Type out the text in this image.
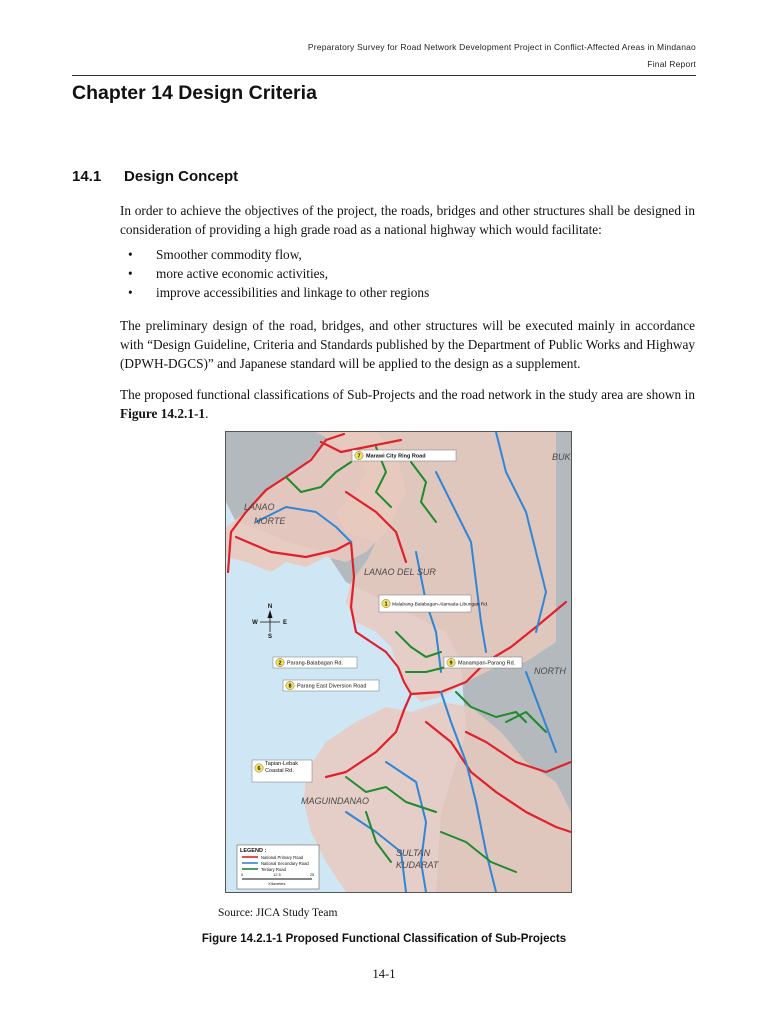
Preparatory Survey for Road Network Development Project in Conflict-Affected Areas in Mindanao
Final Report
Chapter 14 Design Criteria
14.1 Design Concept

In order to achieve the objectives of the project, the roads, bridges and other structures shall be designed in consideration of providing a high grade road as a national highway which would facilitate:

• Smoother commodity flow,
• more active economic activities,
• improve accessibilities and linkage to other regions

The preliminary design of the road, bridges, and other structures will be executed mainly in accordance with “Design Guideline, Criteria and Standards published by the Department of Public Works and Highway (DPWH-DGCS)” and Japanese standard will be applied to the design as a supplement.

The proposed functional classifications of Sub-Projects and the road network in the study area are shown in Figure 14.2.1-1.

LANAO
NORTE
LANAO DEL SUR
MAGUINDANAO
SULTAN
KUDARAT
NORTH
BUK
7 Marawi City Ring Road
1 Malabang-Balabagan-Alamada-Libungan Rd.
2 Parang-Balabagan Rd.	9 Manampan-Parang Rd.
8 Parang East Diversion Road
6
Tapian-Lebak Coastal Rd.
N
S
E
W
LEGEND :
National Primary Road
National Secondary Road
Tertiary Road
0	12.5	25
Kilometers
Source: JICA Study Team
Figure 14.2.1-1 Proposed Functional Classification of Sub-Projects
14-1
